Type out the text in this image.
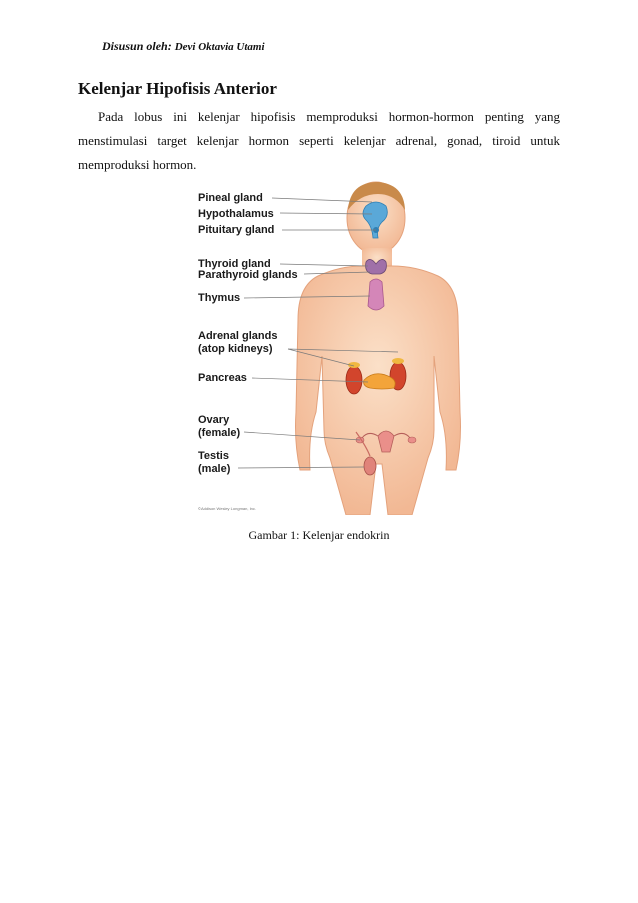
Disusun oleh: Devi Oktavia Utami
Kelenjar Hipofisis Anterior

Pada lobus ini kelenjar hipofisis memproduksi hormon-hormon penting yang menstimulasi target kelenjar hormon seperti kelenjar adrenal, gonad, tiroid untuk memproduksi hormon.

Pineal gland
Hypothalamus
Pituitary gland
Thyroid gland
Parathyroid glands
Thymus
Adrenal glands
(atop kidneys)
Pancreas
Ovary
(female)
Testis
(male)
©Addison Wesley Longman, Inc.
Gambar 1: Kelenjar endokrin
